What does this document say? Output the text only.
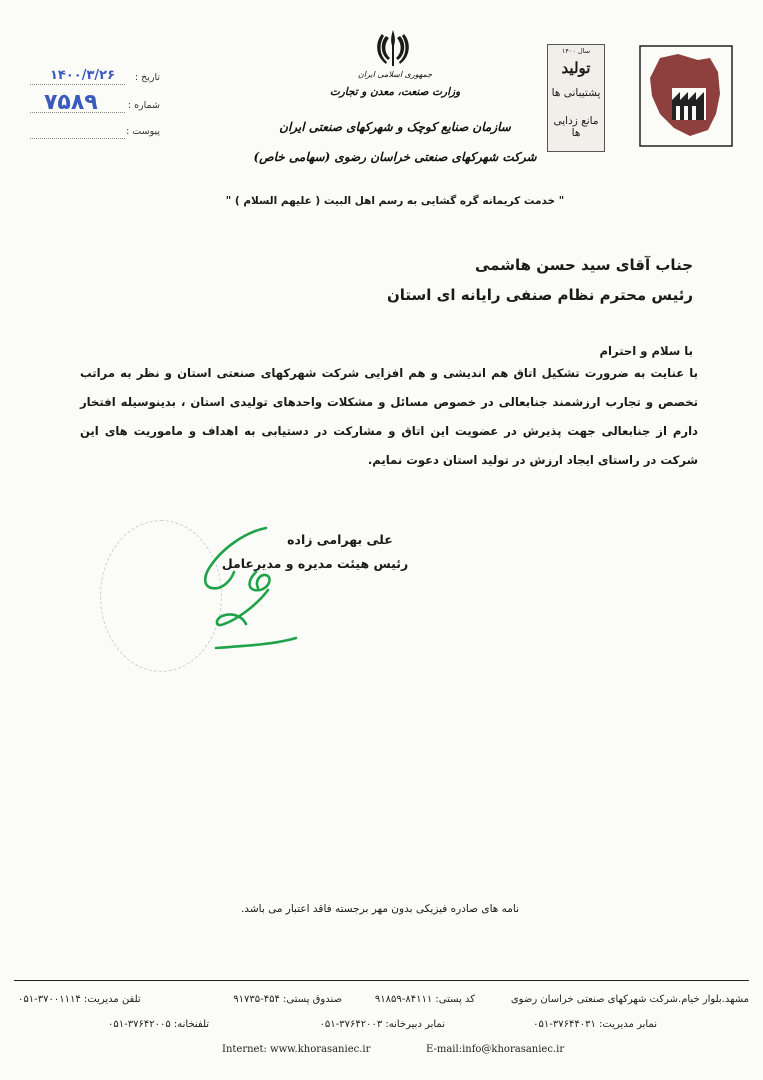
تاریخ :
۱۴۰۰/۳/۲۶
شماره :
۷۵۸۹
پیوست :
جمهوری اسلامی ایران
وزارت صنعت، معدن و تجارت
سازمان صنایع کوچک و شهرکهای صنعتی ایران
شرکت شهرکهای صنعتی خراسان رضوی (سهامی خاص)
سال ۱۴۰۰
تولید
پشتیبانی ها
مانع زدایی ها
" خدمت کریمانه گره گشایی به رسم اهل البیت ( علیهم السلام ) "
جناب آقای سید حسن هاشمی
رئیس محترم نظام صنفی رایانه ای استان
با سلام و احترام
با عنایت به ضرورت تشکیل اتاق هم اندیشی و هم افزایی شرکت شهرکهای صنعتی استان و نظر به مراتب تخصص و تجارب ارزشمند جنابعالی در خصوص مسائل و مشکلات واحدهای تولیدی استان ، بدینوسیله افتخار دارم از جنابعالی جهت پذیرش در عضویت این اتاق و مشارکت در دستیابی به اهداف و ماموریت های این شرکت در راستای ایجاد ارزش در تولید استان دعوت نمایم.
علی بهرامی زاده
رئیس هیئت مدیره و مدیرعامل
نامه های صادره فیزیکی بدون مهر برجسته فاقد اعتبار می باشد.
مشهد.بلوار خیام.شرکت شهرکهای صنعتی خراسان رضوی
کد پستی: ۸۴۱۱۱-۹۱۸۵۹
صندوق پستی: ۴۵۴-۹۱۷۳۵
تلفن مدیریت: ۳۷۰۰۱۱۱۴-۰۵۱
نمابر مدیریت: ۳۷۶۴۴۰۳۱-۰۵۱
نمابر دبیرخانه: ۳۷۶۴۲۰۰۳-۰۵۱
تلفنخانه: ۳۷۶۴۲۰۰۵-۰۵۱
Internet: www.khorasaniec.ir	E-mail:info@khorasaniec.ir
